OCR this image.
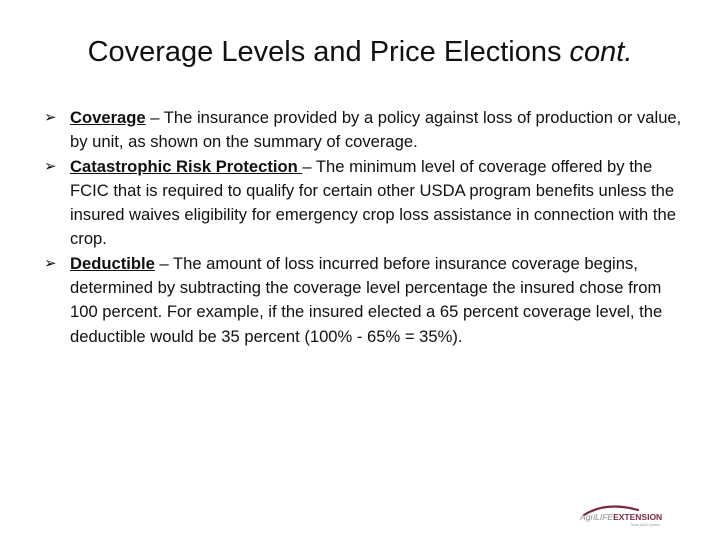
Coverage Levels and Price Elections cont.
➢ Coverage – The insurance provided by a policy against loss of production or value, by unit, as shown on the summary of coverage.
➢ Catastrophic Risk Protection – The minimum level of coverage offered by the FCIC that is required to qualify for certain other USDA program benefits unless the insured waives eligibility for emergency crop loss assistance in connection with the crop.
➢ Deductible – The amount of loss incurred before insurance coverage begins, determined by subtracting the coverage level percentage the insured chose from 100 percent. For example, if the insured elected a 65 percent coverage level, the deductible would be 35 percent (100% - 65% = 35%).
AgriLIFEEXTENSION
Texas A&M System
